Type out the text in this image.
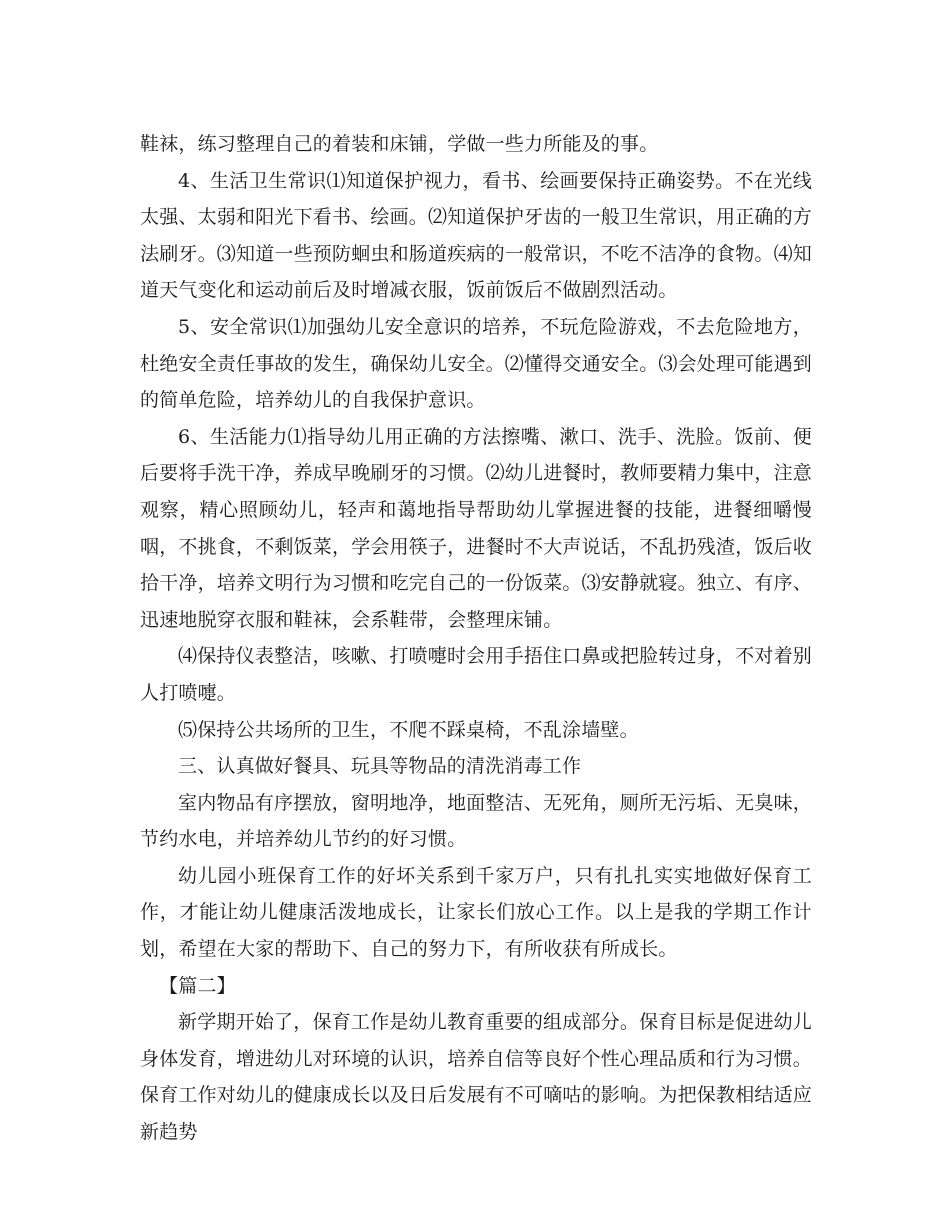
鞋袜，练习整理自己的着装和床铺，学做一些力所能及的事。

4、生活卫生常识⑴知道保护视力，看书、绘画要保持正确姿势。不在光线太强、太弱和阳光下看书、绘画。⑵知道保护牙齿的一般卫生常识，用正确的方法刷牙。⑶知道一些预防蛔虫和肠道疾病的一般常识，不吃不洁净的食物。⑷知道天气变化和运动前后及时增减衣服，饭前饭后不做剧烈活动。

5、安全常识⑴加强幼儿安全意识的培养，不玩危险游戏，不去危险地方，杜绝安全责任事故的发生，确保幼儿安全。⑵懂得交通安全。⑶会处理可能遇到的简单危险，培养幼儿的自我保护意识。

6、生活能力⑴指导幼儿用正确的方法擦嘴、漱口、洗手、洗脸。饭前、便后要将手洗干净，养成早晚刷牙的习惯。⑵幼儿进餐时，教师要精力集中，注意观察，精心照顾幼儿，轻声和蔼地指导帮助幼儿掌握进餐的技能，进餐细嚼慢咽，不挑食，不剩饭菜，学会用筷子，进餐时不大声说话，不乱扔残渣，饭后收拾干净，培养文明行为习惯和吃完自己的一份饭菜。⑶安静就寝。独立、有序、迅速地脱穿衣服和鞋袜，会系鞋带，会整理床铺。

⑷保持仪表整洁，咳嗽、打喷嚏时会用手捂住口鼻或把脸转过身，不对着别人打喷嚏。

⑸保持公共场所的卫生，不爬不踩桌椅，不乱涂墙壁。

三、认真做好餐具、玩具等物品的清洗消毒工作

室内物品有序摆放，窗明地净，地面整洁、无死角，厕所无污垢、无臭味，节约水电，并培养幼儿节约的好习惯。

幼儿园小班保育工作的好坏关系到千家万户，只有扎扎实实地做好保育工作，才能让幼儿健康活泼地成长，让家长们放心工作。以上是我的学期工作计划，希望在大家的帮助下、自己的努力下，有所收获有所成长。

【篇二】

新学期开始了，保育工作是幼儿教育重要的组成部分。保育目标是促进幼儿身体发育，增进幼儿对环境的认识，培养自信等良好个性心理品质和行为习惯。保育工作对幼儿的健康成长以及日后发展有不可嘀咕的影响。为把保教相结适应新趋势
